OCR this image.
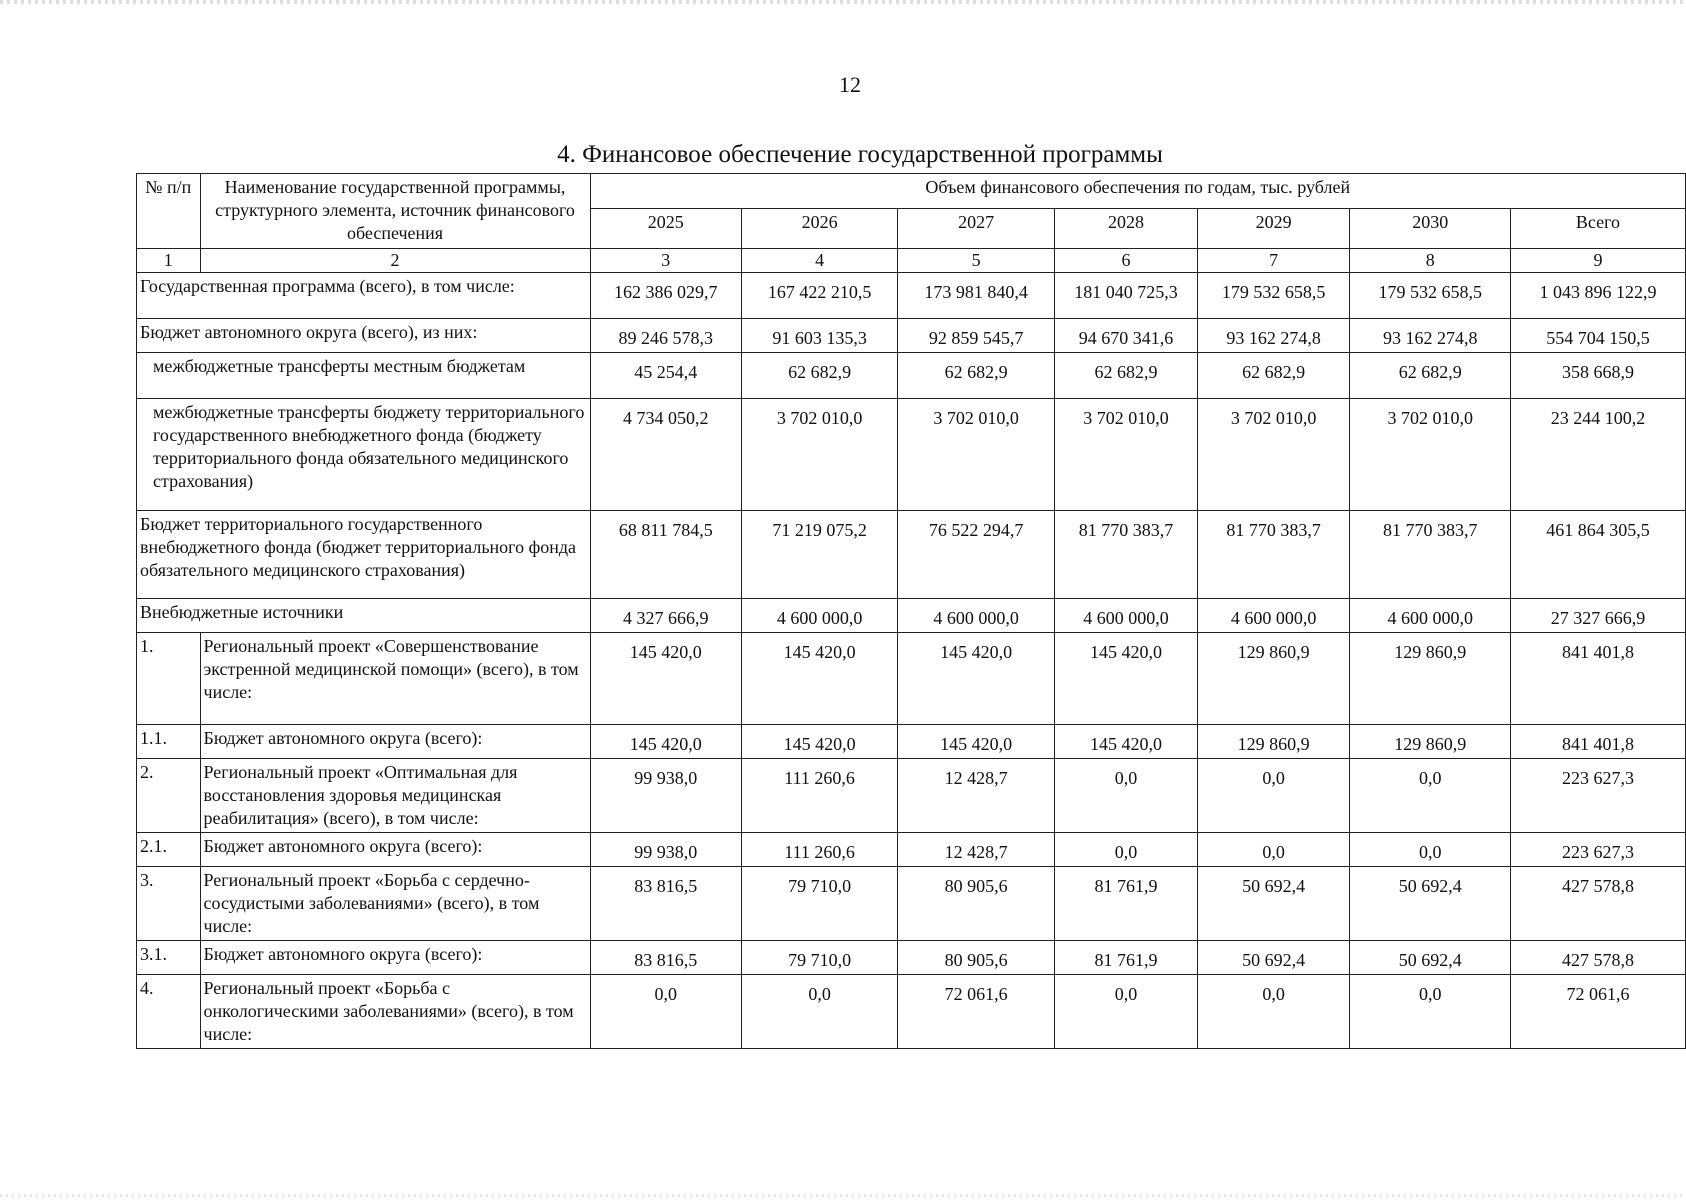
12
4. Финансовое обеспечение государственной программы
№ п/п	Наименование государственной программы, структурного элемента, источник финансового обеспечения	Объем финансового обеспечения по годам, тыс. рублей						
		2025	2026	2027	2028	2029	2030	Всего
1	2	3	4	5	6	7	8	9
Государственная программа (всего), в том числе:		162 386 029,7	167 422 210,5	173 981 840,4	181 040 725,3	179 532 658,5	179 532 658,5	1 043 896 122,9
Бюджет автономного округа (всего), из них:		89 246 578,3	91 603 135,3	92 859 545,7	94 670 341,6	93 162 274,8	93 162 274,8	554 704 150,5
межбюджетные трансферты местным бюджетам		45 254,4	62 682,9	62 682,9	62 682,9	62 682,9	62 682,9	358 668,9
межбюджетные трансферты бюджету территориального государственного внебюджетного фонда (бюджету территориального фонда обязательного медицинского страхования)		4 734 050,2	3 702 010,0	3 702 010,0	3 702 010,0	3 702 010,0	3 702 010,0	23 244 100,2
Бюджет территориального государственного внебюджетного фонда (бюджет территориального фонда обязательного медицинского страхования)		68 811 784,5	71 219 075,2	76 522 294,7	81 770 383,7	81 770 383,7	81 770 383,7	461 864 305,5
Внебюджетные источники		4 327 666,9	4 600 000,0	4 600 000,0	4 600 000,0	4 600 000,0	4 600 000,0	27 327 666,9
1.	Региональный проект «Совершенствование экстренной медицинской помощи» (всего), в том числе:	145 420,0	145 420,0	145 420,0	145 420,0	129 860,9	129 860,9	841 401,8
1.1.	Бюджет автономного округа (всего):	145 420,0	145 420,0	145 420,0	145 420,0	129 860,9	129 860,9	841 401,8
2.	Региональный проект «Оптимальная для восстановления здоровья медицинская реабилитация» (всего), в том числе:	99 938,0	111 260,6	12 428,7	0,0	0,0	0,0	223 627,3
2.1.	Бюджет автономного округа (всего):	99 938,0	111 260,6	12 428,7	0,0	0,0	0,0	223 627,3
3.	Региональный проект «Борьба с сердечно-сосудистыми заболеваниями» (всего), в том числе:	83 816,5	79 710,0	80 905,6	81 761,9	50 692,4	50 692,4	427 578,8
3.1.	Бюджет автономного округа (всего):	83 816,5	79 710,0	80 905,6	81 761,9	50 692,4	50 692,4	427 578,8
4.	Региональный проект «Борьба с онкологическими заболеваниями» (всего), в том числе:	0,0	0,0	72 061,6	0,0	0,0	0,0	72 061,6
